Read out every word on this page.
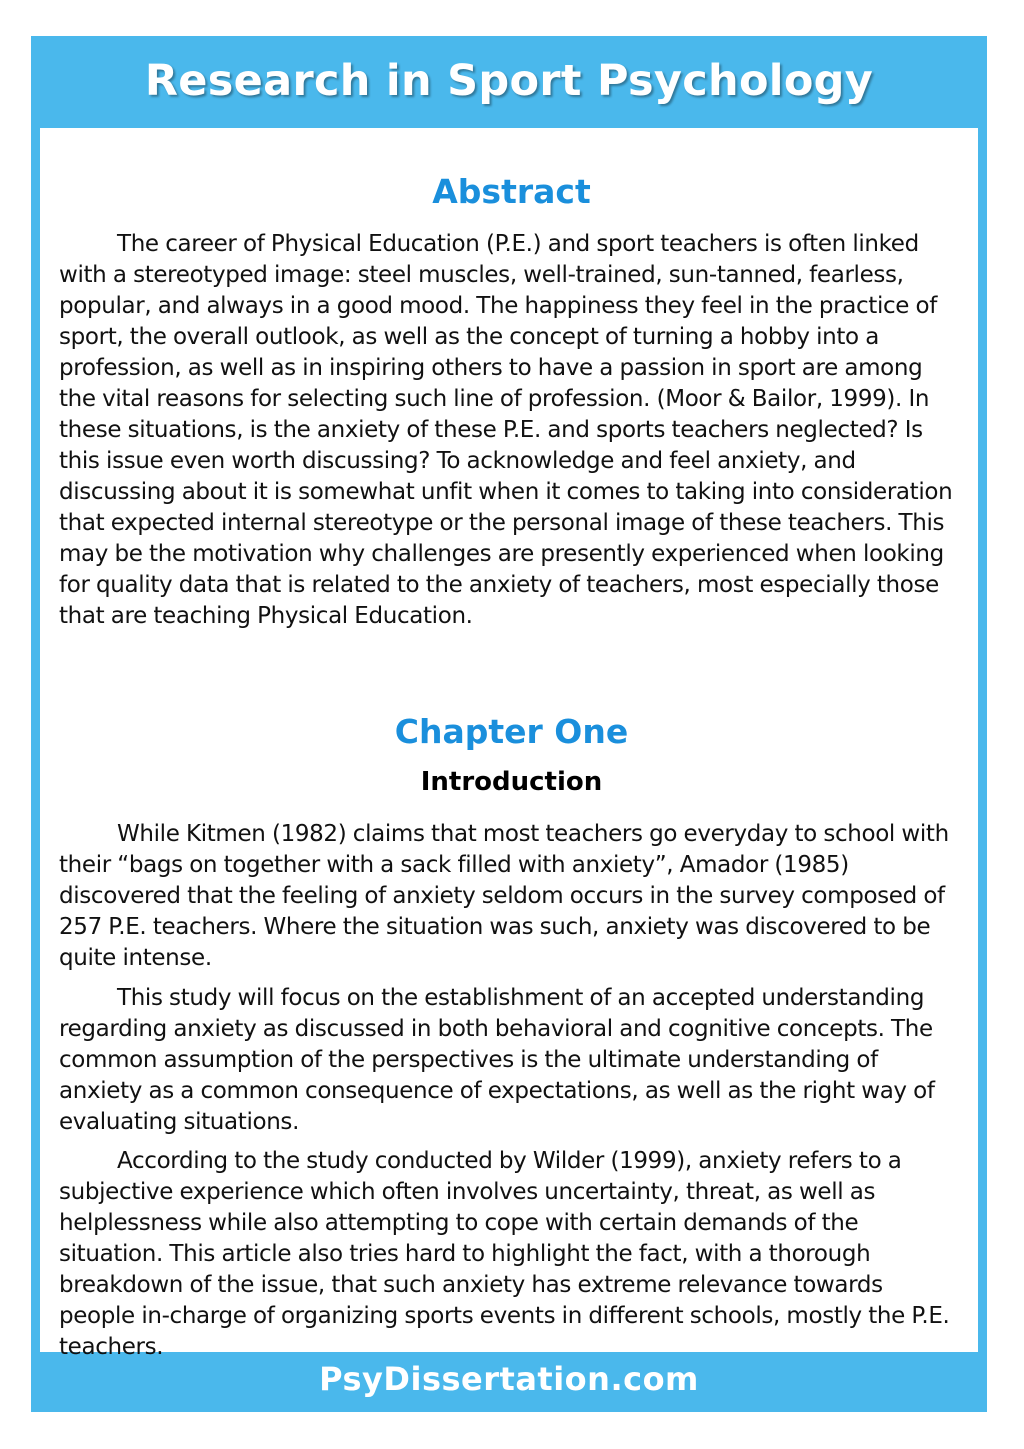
Research in Sport Psychology
Abstract

The career of Physical Education (P.E.) and sport teachers is often linked with a stereotyped image: steel muscles, well-trained, sun-tanned, fearless, popular, and always in a good mood. The happiness they feel in the practice of sport, the overall outlook, as well as the concept of turning a hobby into a profession, as well as in inspiring others to have a passion in sport are among the vital reasons for selecting such line of profession. (Moor & Bailor, 1999). In these situations, is the anxiety of these P.E. and sports teachers neglected? Is this issue even worth discussing? To acknowledge and feel anxiety, and discussing about it is somewhat unfit when it comes to taking into consideration that expected internal stereotype or the personal image of these teachers. This may be the motivation why challenges are presently experienced when looking for quality data that is related to the anxiety of teachers, most especially those that are teaching Physical Education.

Chapter One
Introduction

While Kitmen (1982) claims that most teachers go everyday to school with their “bags on together with a sack filled with anxiety”, Amador (1985) discovered that the feeling of anxiety seldom occurs in the survey composed of 257 P.E. teachers. Where the situation was such, anxiety was discovered to be quite intense.

This study will focus on the establishment of an accepted understanding regarding anxiety as discussed in both behavioral and cognitive concepts. The common assumption of the perspectives is the ultimate understanding of anxiety as a common consequence of expectations, as well as the right way of evaluating situations.

According to the study conducted by Wilder (1999), anxiety refers to a subjective experience which often involves uncertainty, threat, as well as helplessness while also attempting to cope with certain demands of the situation. This article also tries hard to highlight the fact, with a thorough breakdown of the issue, that such anxiety has extreme relevance towards people in-charge of organizing sports events in different schools, mostly the P.E. teachers.

PsyDissertation.com
